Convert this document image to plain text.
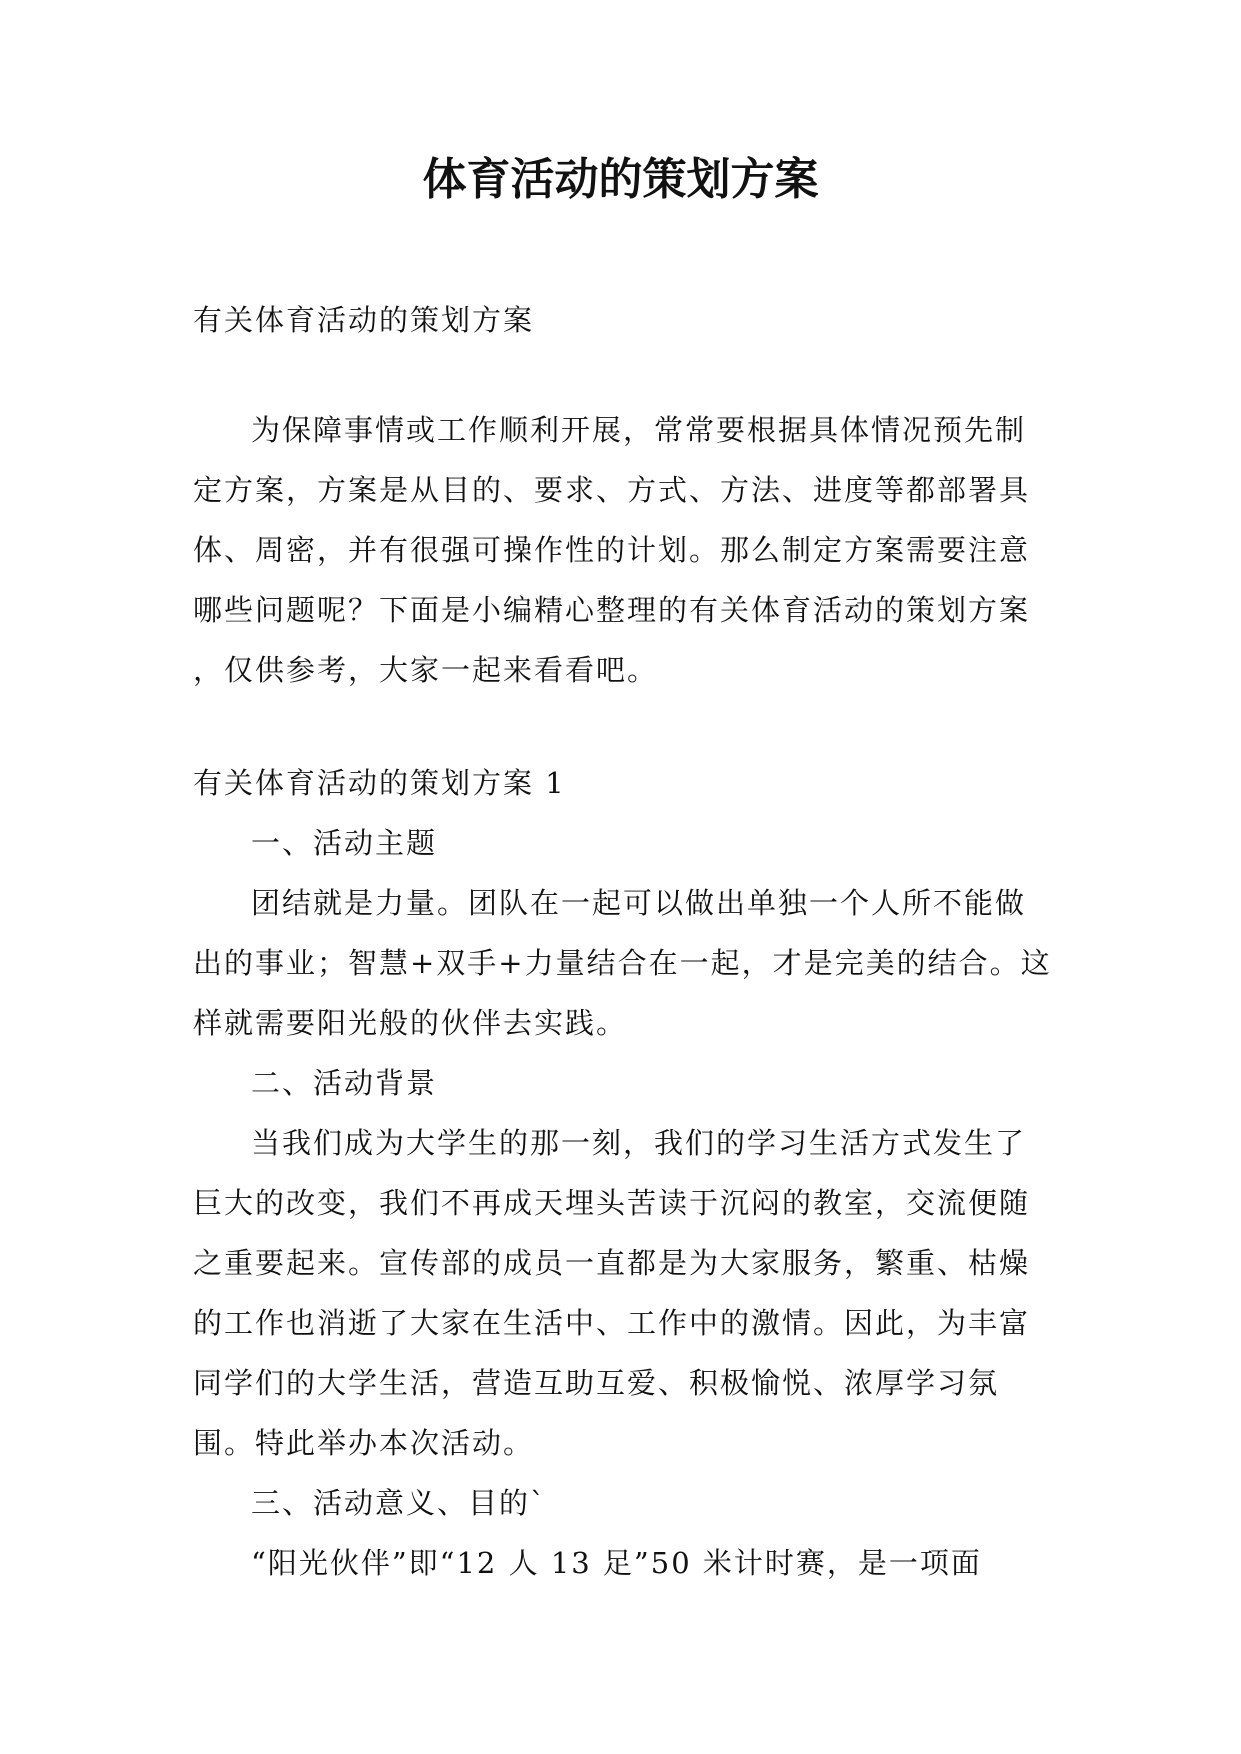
体育活动的策划方案

有关体育活动的策划方案

为保障事情或工作顺利开展，常常要根据具体情况预先制定方案，方案是从目的、要求、方式、方法、进度等都部署具体、周密，并有很强可操作性的计划。那么制定方案需要注意哪些问题呢？下面是小编精心整理的有关体育活动的策划方案 ，仅供参考，大家一起来看看吧。

有关体育活动的策划方案 1

一、活动主题

团结就是力量。团队在一起可以做出单独一个人所不能做出的事业；智慧+双手+力量结合在一起，才是完美的结合。这样就需要阳光般的伙伴去实践。

二、活动背景

当我们成为大学生的那一刻，我们的学习生活方式发生了巨大的改变，我们不再成天埋头苦读于沉闷的教室，交流便随之重要起来。宣传部的成员一直都是为大家服务，繁重、枯燥的工作也消逝了大家在生活中、工作中的激情。因此，为丰富同学们的大学生活，营造互助互爱、积极愉悦、浓厚学习氛围。特此举办本次活动。

三、活动意义、目的`

“阳光伙伴”即“12 人 13 足”50 米计时赛，是一项面
